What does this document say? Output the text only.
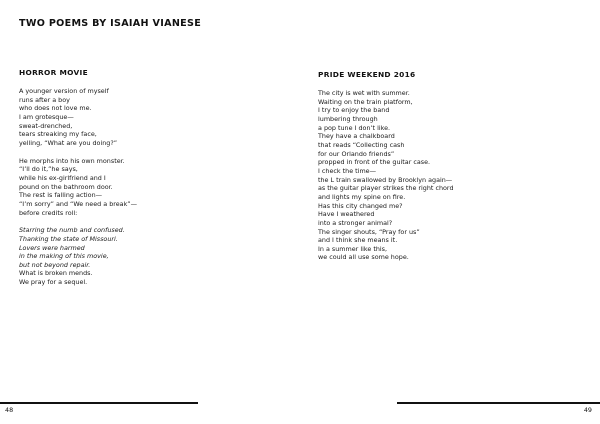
TWO POEMS BY ISAIAH VIANESE
HORROR MOVIE
A younger version of myself
runs after a boy
who does not love me.
I am grotesque—
sweat-drenched,
tears streaking my face,
yelling, “What are you doing?”
He morphs into his own monster.
“I’ll do it,”he says,
while his ex-girlfriend and I
pound on the bathroom door.
The rest is falling action—
“I’m sorry” and “We need a break”—
before credits roll:
Starring the numb and confused.
Thanking the state of Missouri.
Lovers were harmed
in the making of this movie,
but not beyond repair.
What is broken mends.
We pray for a sequel.
48
PRIDE WEEKEND 2016
The city is wet with summer.
Waiting on the train platform,
I try to enjoy the band
lumbering through
a pop tune I don’t like.
They have a chalkboard
that reads “Collecting cash
for our Orlando friends”
propped in front of the guitar case.
I check the time—
the L train swallowed by Brooklyn again—
as the guitar player strikes the right chord
and lights my spine on fire.
Has this city changed me?
Have I weathered
into a stronger animal?
The singer shouts, “Pray for us”
and I think she means it.
In a summer like this,
we could all use some hope.
49
